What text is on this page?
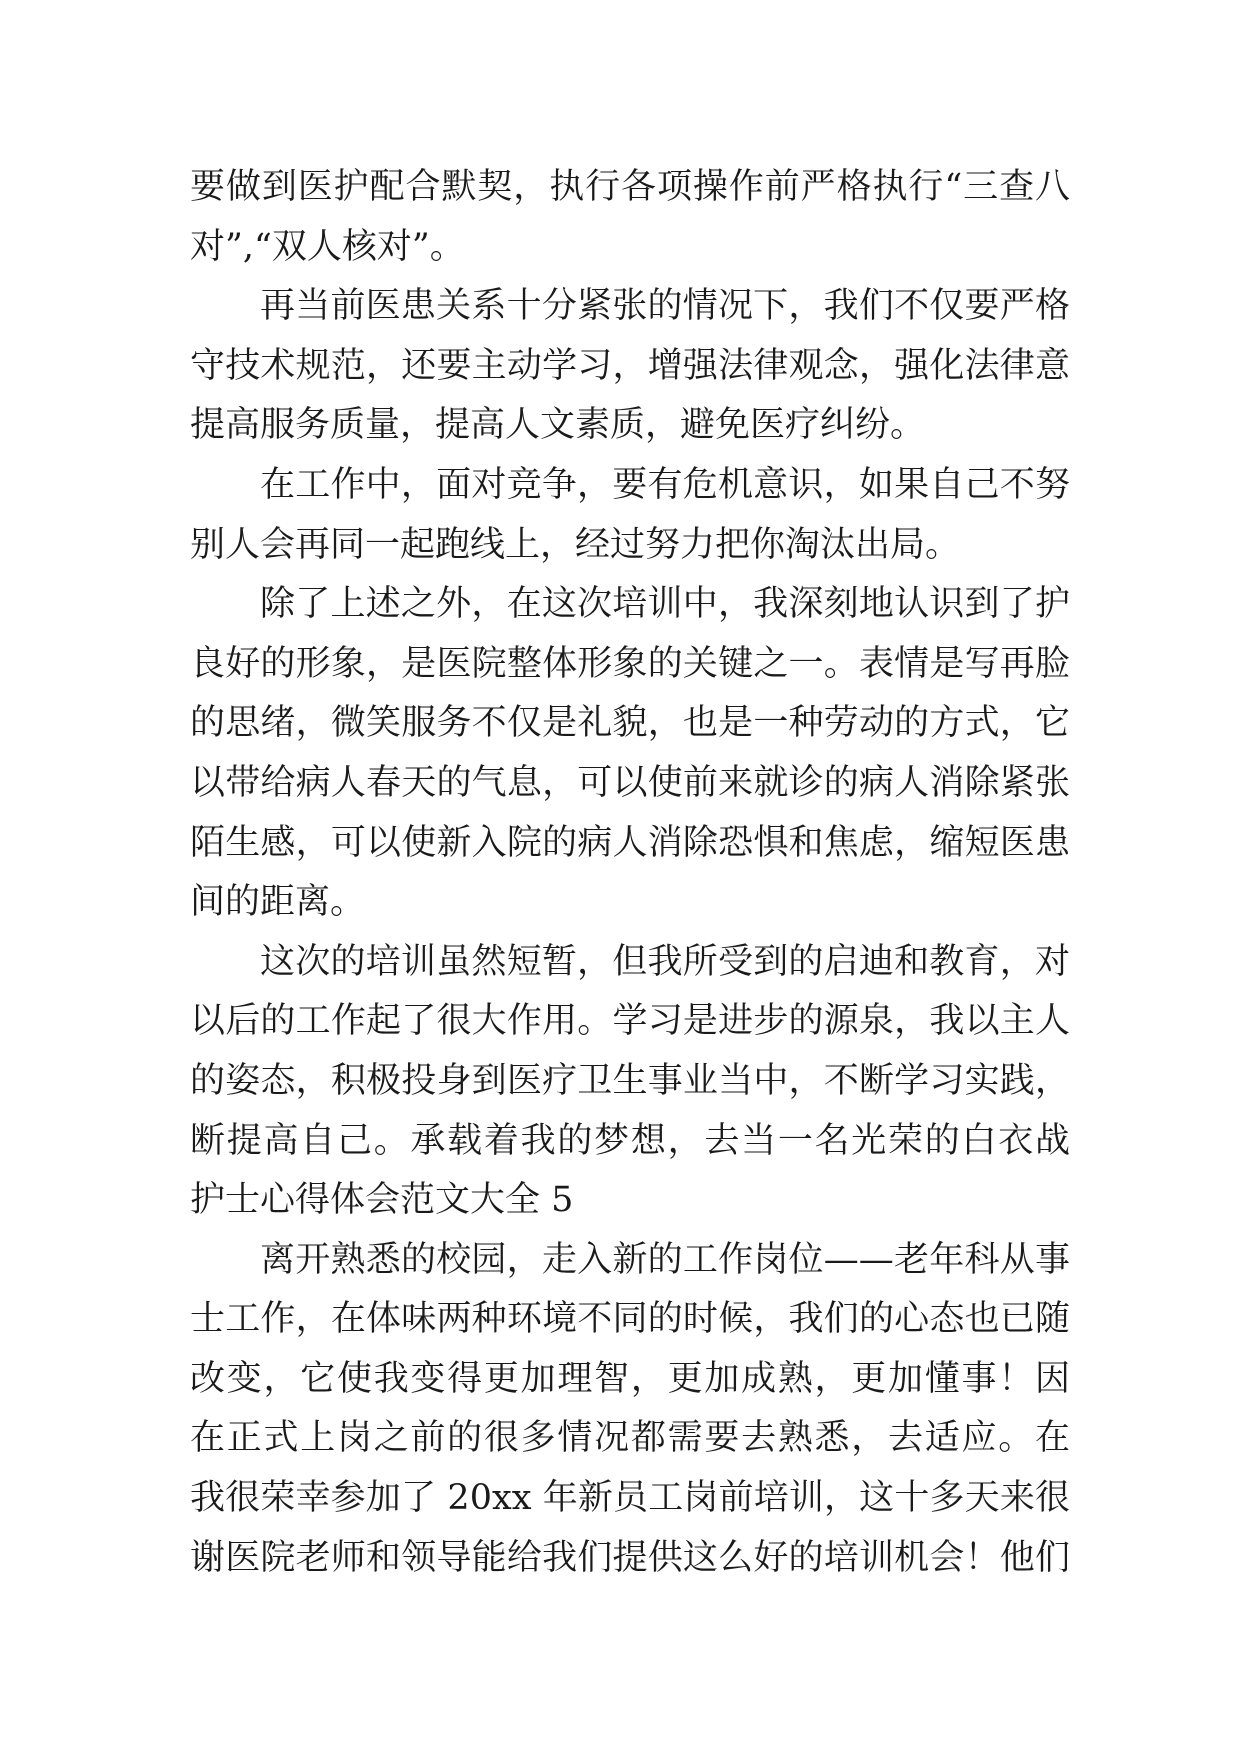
要做到医护配合默契，执行各项操作前严格执行“三查八
对”,“双人核对”。
再当前医患关系十分紧张的情况下，我们不仅要严格
守技术规范，还要主动学习，增强法律观念，强化法律意
提高服务质量，提高人文素质，避免医疗纠纷。
在工作中，面对竞争，要有危机意识，如果自己不努
别人会再同一起跑线上，经过努力把你淘汰出局。
除了上述之外，在这次培训中，我深刻地认识到了护
良好的形象，是医院整体形象的关键之一。表情是写再脸
的思绪，微笑服务不仅是礼貌，也是一种劳动的方式，它
以带给病人春天的气息，可以使前来就诊的病人消除紧张
陌生感，可以使新入院的病人消除恐惧和焦虑，缩短医患
间的距离。
这次的培训虽然短暂，但我所受到的启迪和教育，对
以后的工作起了很大作用。学习是进步的源泉，我以主人
的姿态，积极投身到医疗卫生事业当中，不断学习实践，
断提高自己。承载着我的梦想，去当一名光荣的白衣战
护士心得体会范文大全 5
离开熟悉的校园，走入新的工作岗位——老年科从事
士工作，在体味两种环境不同的时候，我们的心态也已随
改变，它使我变得更加理智，更加成熟，更加懂事！因
在正式上岗之前的很多情况都需要去熟悉，去适应。在
我很荣幸参加了 20xx 年新员工岗前培训，这十多天来很
谢医院老师和领导能给我们提供这么好的培训机会！他们
